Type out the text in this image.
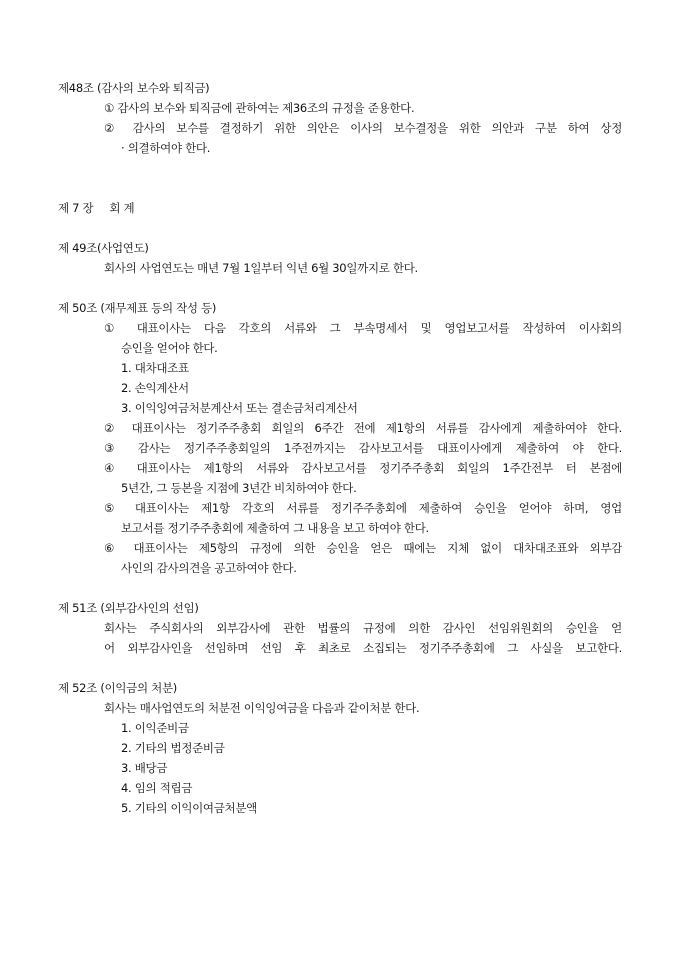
제48조 (감사의 보수와 퇴직금)
① 감사의 보수와 퇴직금에 관하여는 제36조의 규정을 준용한다.
② 감사의 보수를 결정하기 위한 의안은 이사의 보수결정을 위한 의안과 구분 하여 상정
· 의결하여야 한다.
제 7 장 회 계
제 49조(사업연도)
회사의 사업연도는 매년 7월 1일부터 익년 6월 30일까지로 한다.
제 50조 (재무제표 등의 작성 등)
① 대표이사는 다음 각호의 서류와 그 부속명세서 및 영업보고서를 작성하여 이사회의
승인을 얻어야 한다.
1. 대차대조표
2. 손익계산서
3. 이익잉여금처분계산서 또는 결손금처리계산서
② 대표이사는 정기주주총회 회일의 6주간 전에 제1항의 서류를 감사에게 제출하여야 한다.
③ 감사는 정기주주총회일의 1주전까지는 감사보고서를 대표이사에게 제출하여 야 한다.
④ 대표이사는 제1항의 서류와 감사보고서를 정기주주총회 회일의 1주간전부 터 본점에
5년간, 그 등본을 지점에 3년간 비치하여야 한다.
⑤ 대표이사는 제1항 각호의 서류를 정기주주총회에 제출하여 승인을 얻어야 하며, 영업
보고서를 정기주주총회에 제출하여 그 내용을 보고 하여야 한다.
⑥ 대표이사는 제5항의 규정에 의한 승인을 얻은 때에는 지체 없이 대차대조표와 외부감
사인의 감사의견을 공고하여야 한다.
제 51조 (외부감사인의 선임)
회사는 주식회사의 외부감사에 관한 법률의 규정에 의한 감사인 선임위원회의 승인을 얻
어 외부감사인을 선임하며 선임 후 최초로 소집되는 정기주주총회에 그 사실을 보고한다.
제 52조 (이익금의 처분)
회사는 매사업연도의 처분전 이익잉여금을 다음과 같이처분 한다.
1. 이익준비금
2. 기타의 법정준비금
3. 배당금
4. 임의 적립금
5. 기타의 이익이여금처분액
